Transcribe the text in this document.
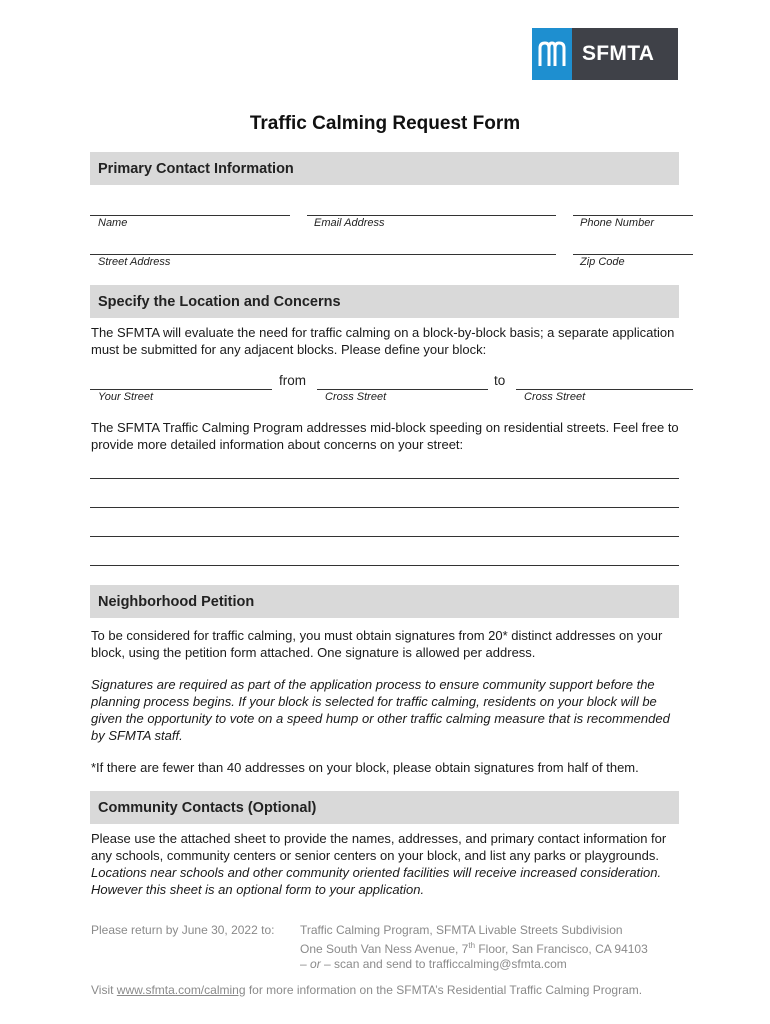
SFMTA
Traffic Calming Request Form
Primary Contact Information
Name	Email Address	Phone Number
Street Address	Zip Code
Specify the Location and Concerns
The SFMTA will evaluate the need for traffic calming on a block-by-block basis; a separate application must be submitted for any adjacent blocks. Please define your block:
from	to
Your Street	Cross Street	Cross Street
The SFMTA Traffic Calming Program addresses mid-block speeding on residential streets. Feel free to provide more detailed information about concerns on your street:
Neighborhood Petition
To be considered for traffic calming, you must obtain signatures from 20* distinct addresses on your block, using the petition form attached. One signature is allowed per address.
Signatures are required as part of the application process to ensure community support before the planning process begins. If your block is selected for traffic calming, residents on your block will be given the opportunity to vote on a speed hump or other traffic calming measure that is recommended by SFMTA staff.
*If there are fewer than 40 addresses on your block, please obtain signatures from half of them.
Community Contacts (Optional)
Please use the attached sheet to provide the names, addresses, and primary contact information for any schools, community centers or senior centers on your block, and list any parks or playgrounds. Locations near schools and other community oriented facilities will receive increased consideration. However this sheet is an optional form to your application.
Please return by June 30, 2022 to: Traffic Calming Program, SFMTA Livable Streets Subdivision
One South Van Ness Avenue, 7th Floor, San Francisco, CA 94103
– or – scan and send to trafficcalming@sfmta.com
Visit www.sfmta.com/calming for more information on the SFMTA’s Residential Traffic Calming Program.
